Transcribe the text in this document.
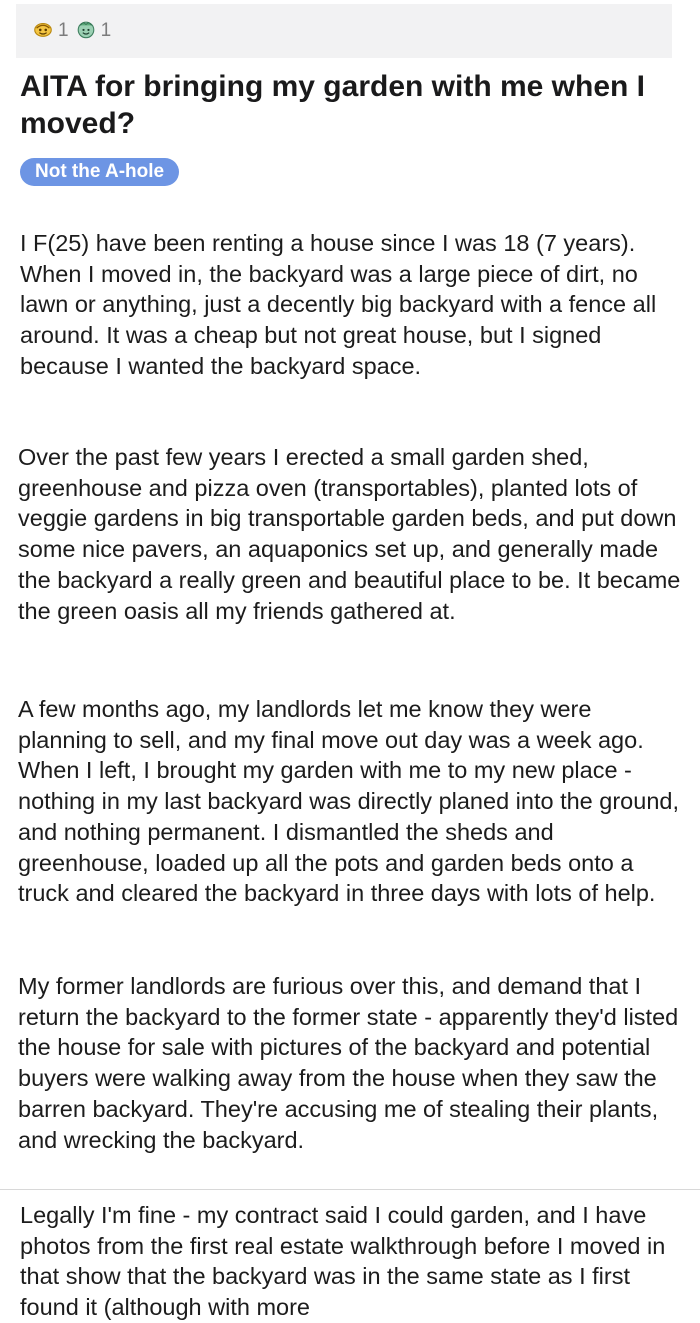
1 1
AITA for bringing my garden with me when I moved?
Not the A-hole

I F(25) have been renting a house since I was 18 (7 years). When I moved in, the backyard was a large piece of dirt, no lawn or anything, just a decently big backyard with a fence all around. It was a cheap but not great house, but I signed because I wanted the backyard space.

Over the past few years I erected a small garden shed, greenhouse and pizza oven (transportables), planted lots of veggie gardens in big transportable garden beds, and put down some nice pavers, an aquaponics set up, and generally made the backyard a really green and beautiful place to be. It became the green oasis all my friends gathered at.

A few months ago, my landlords let me know they were planning to sell, and my final move out day was a week ago. When I left, I brought my garden with me to my new place - nothing in my last backyard was directly planed into the ground, and nothing permanent. I dismantled the sheds and greenhouse, loaded up all the pots and garden beds onto a truck and cleared the backyard in three days with lots of help.

My former landlords are furious over this, and demand that I return the backyard to the former state - apparently they'd listed the house for sale with pictures of the backyard and potential buyers were walking away from the house when they saw the barren backyard. They're accusing me of stealing their plants, and wrecking the backyard.

Legally I'm fine - my contract said I could garden, and I have photos from the first real estate walkthrough before I moved in that show that the backyard was in the same state as I first found it (although with more
